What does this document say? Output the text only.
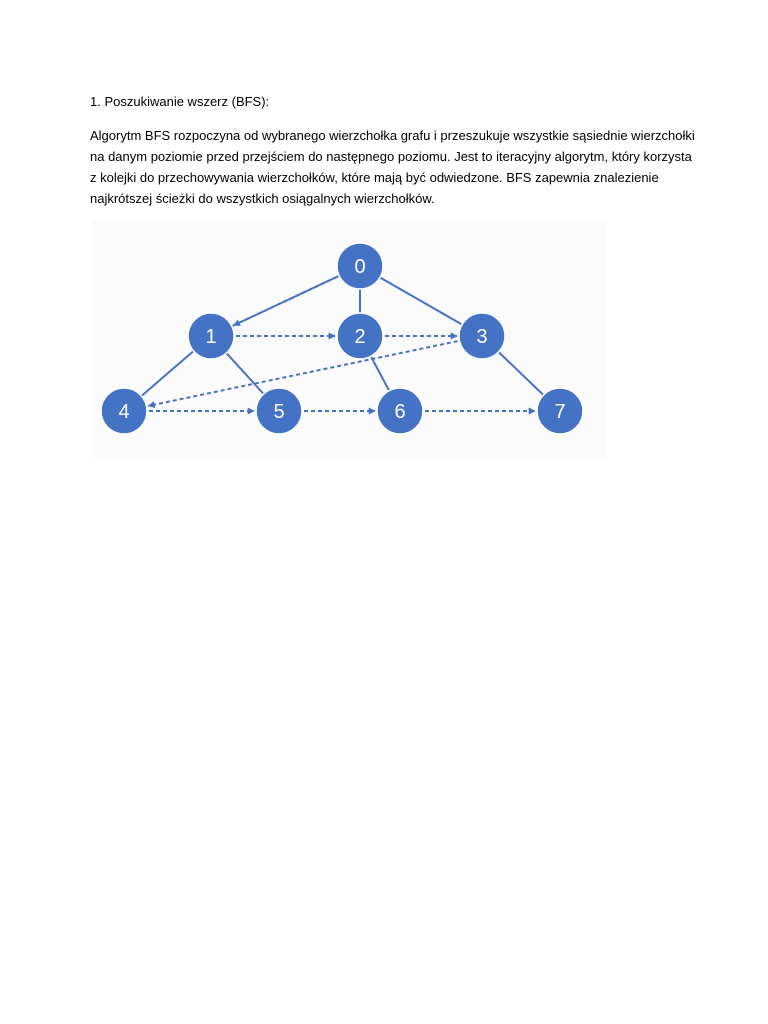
1. Poszukiwanie wszerz (BFS):

Algorytm BFS rozpoczyna od wybranego wierzchołka grafu i przeszukuje wszystkie sąsiednie wierzchołki
na danym poziomie przed przejściem do następnego poziomu. Jest to iteracyjny algorytm, który korzysta
z kolejki do przechowywania wierzchołków, które mają być odwiedzone. BFS zapewnia znalezienie
najkrótszej ścieżki do wszystkich osiągalnych wierzchołków.
0
1	2	3
4	5	6	7
